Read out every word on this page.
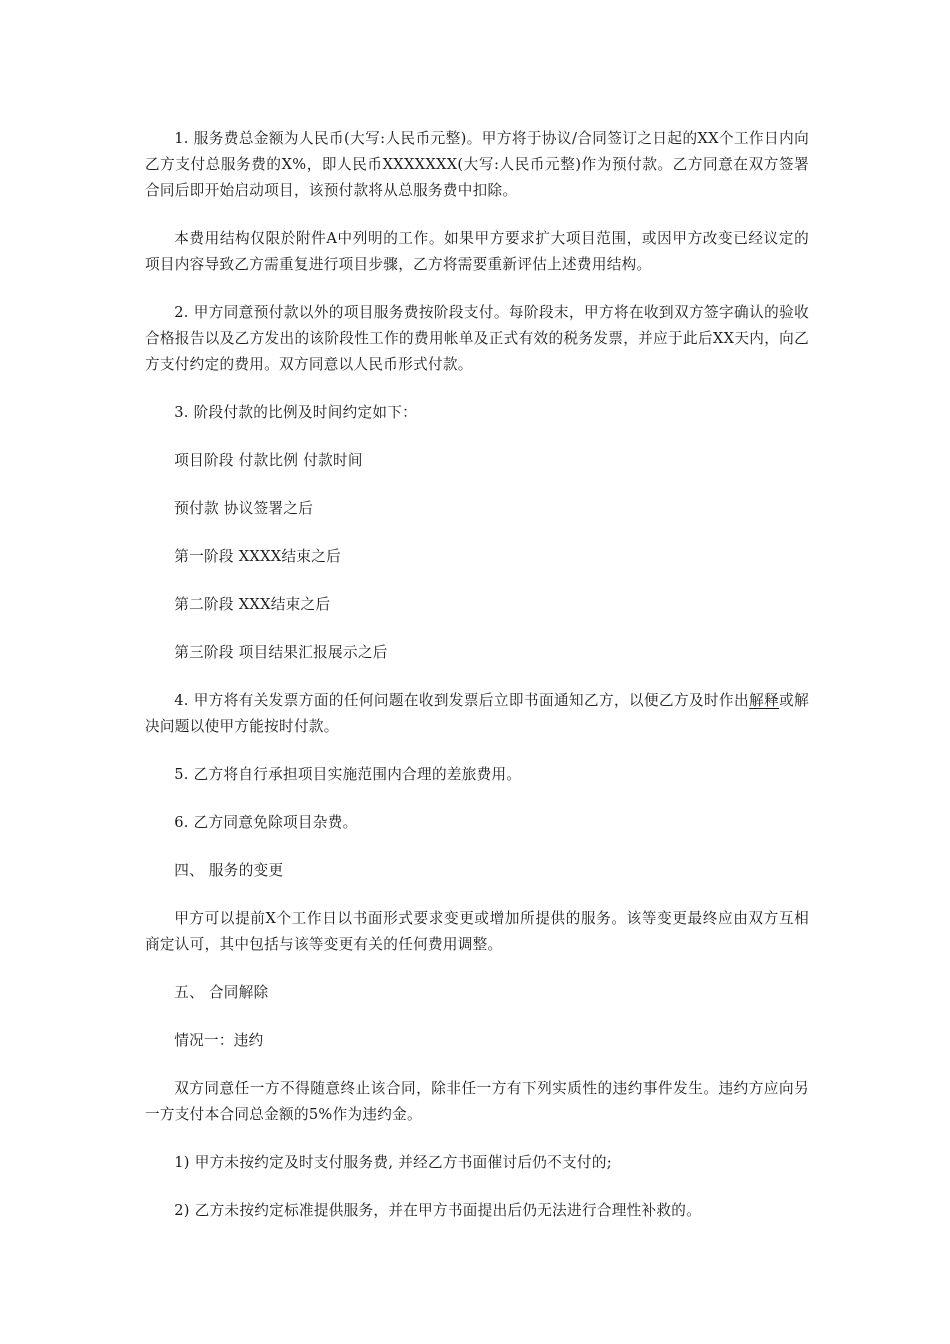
1. 服务费总金额为人民币(大写:人民币元整)。甲方将于协议/合同签订之日起的XX个工作日内向乙方支付总服务费的X%，即人民币XXXXXXX(大写:人民币元整)作为预付款。乙方同意在双方签署合同后即开始启动项目，该预付款将从总服务费中扣除。

本费用结构仅限於附件A中列明的工作。如果甲方要求扩大项目范围，或因甲方改变已经议定的项目内容导致乙方需重复进行项目步骤，乙方将需要重新评估上述费用结构。

2. 甲方同意预付款以外的项目服务费按阶段支付。每阶段末，甲方将在收到双方签字确认的验收合格报告以及乙方发出的该阶段性工作的费用帐单及正式有效的税务发票，并应于此后XX天内，向乙方支付约定的费用。双方同意以人民币形式付款。

3. 阶段付款的比例及时间约定如下：

项目阶段 付款比例 付款时间

预付款 协议签署之后

第一阶段 XXXX结束之后

第二阶段 XXX结束之后

第三阶段 项目结果汇报展示之后

4. 甲方将有关发票方面的任何问题在收到发票后立即书面通知乙方，以便乙方及时作出解释或解决问题以使甲方能按时付款。

5. 乙方将自行承担项目实施范围内合理的差旅费用。

6. 乙方同意免除项目杂费。

四、 服务的变更

甲方可以提前X个工作日以书面形式要求变更或增加所提供的服务。该等变更最终应由双方互相商定认可，其中包括与该等变更有关的任何费用调整。

五、 合同解除

情况一：违约

双方同意任一方不得随意终止该合同，除非任一方有下列实质性的违约事件发生。违约方应向另一方支付本合同总金额的5%作为违约金。

1) 甲方未按约定及时支付服务费, 并经乙方书面催讨后仍不支付的;

2) 乙方未按约定标准提供服务，并在甲方书面提出后仍无法进行合理性补救的。
